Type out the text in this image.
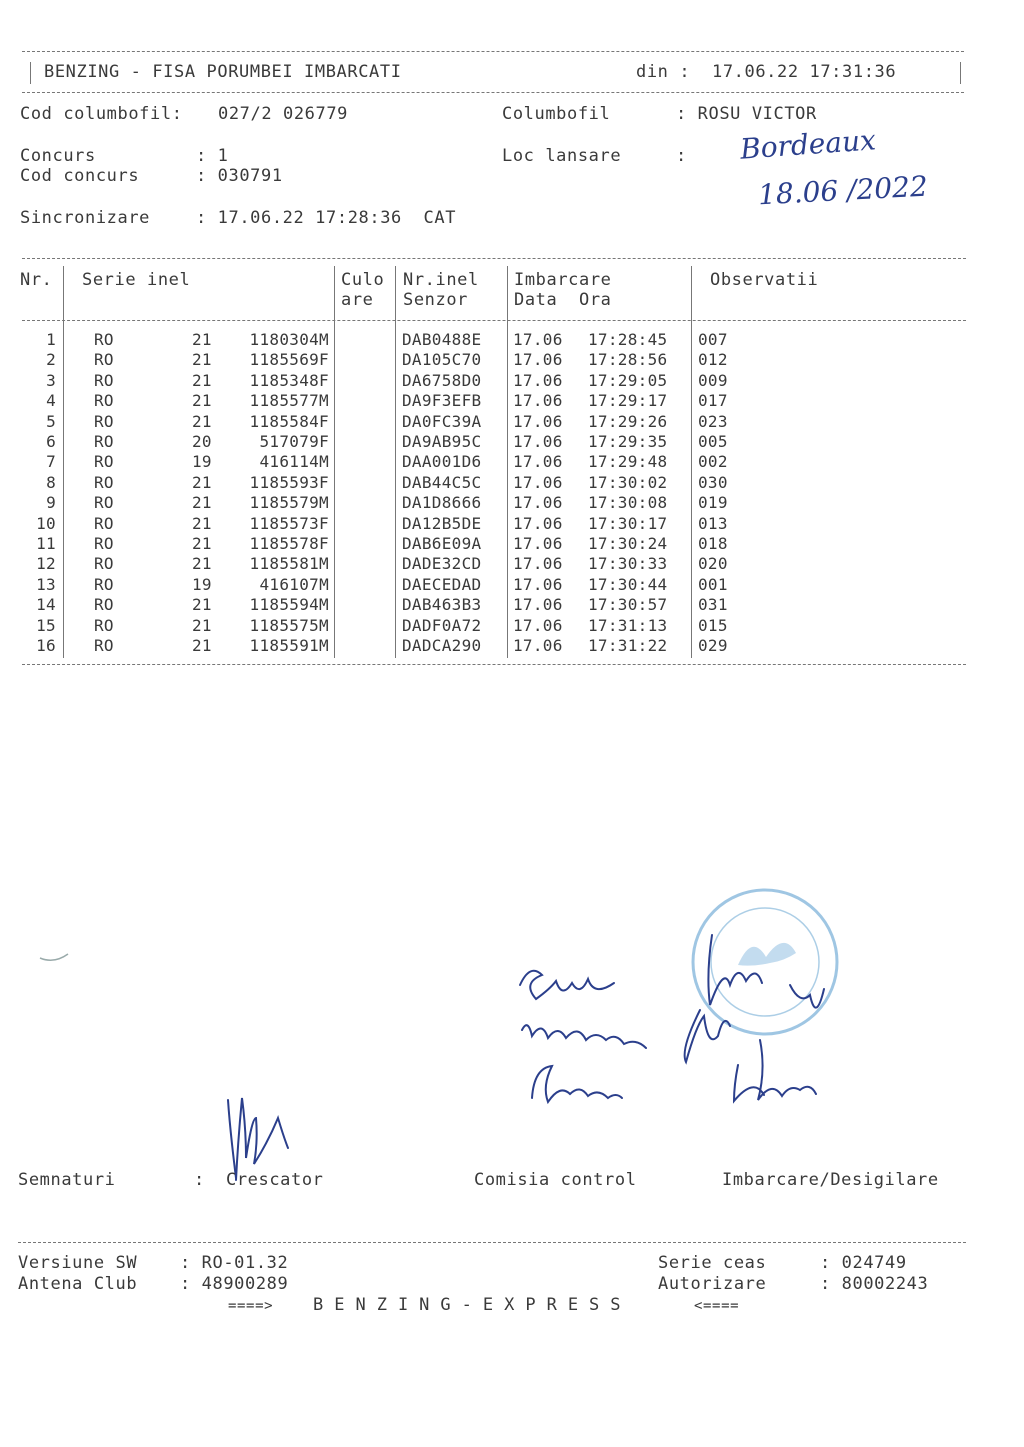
BENZING - FISA PORUMBEI IMBARCATI	din : 17.06.22 17:31:36
Cod columbofil: 027/2 026779	Columbofil	: ROSU VICTOR
Concurs	: 1	Loc lansare	:
Cod concurs	: 030791
Sincronizare	: 17.06.22 17:28:36  CAT
Bordeaux
18.06 /2022
Nr. Serie inel	Culo
are
Nr.inel
Senzor
Imbarcare
Data  Ora
Observatii
1 RO	21	1180304M	DAB0488E 17.06 17:28:45 007
2 RO	21	1185569F	DA105C70 17.06 17:28:56 012
3 RO	21	1185348F	DA6758D0 17.06 17:29:05 009
4 RO	21	1185577M	DA9F3EFB 17.06 17:29:17 017
5 RO	21	1185584F	DA0FC39A 17.06 17:29:26 023
6 RO	20	517079F	DA9AB95C 17.06 17:29:35 005
7 RO	19	416114M	DAA001D6 17.06 17:29:48 002
8 RO	21	1185593F	DAB44C5C 17.06 17:30:02 030
9 RO	21	1185579M	DA1D8666 17.06 17:30:08 019
10 RO	21	1185573F	DA12B5DE 17.06 17:30:17 013
11 RO	21	1185578F	DAB6E09A 17.06 17:30:24 018
12 RO	21	1185581M	DADE32CD 17.06 17:30:33 020
13 RO	19	416107M	DAECEDAD 17.06 17:30:44 001
14 RO	21	1185594M	DAB463B3 17.06 17:30:57 031
15 RO	21	1185575M	DADF0A72 17.06 17:31:13 015
16 RO	21	1185591M	DADCA290 17.06 17:31:22 029
Semnaturi	: Crescator	Comisia control	Imbarcare/Desigilare
Versiune SW	: RO-01.32	Serie ceas	: 024749
Antena Club	: 48900289	Autorizare	: 80002243
====> BENZING-EXPRESS	<====
